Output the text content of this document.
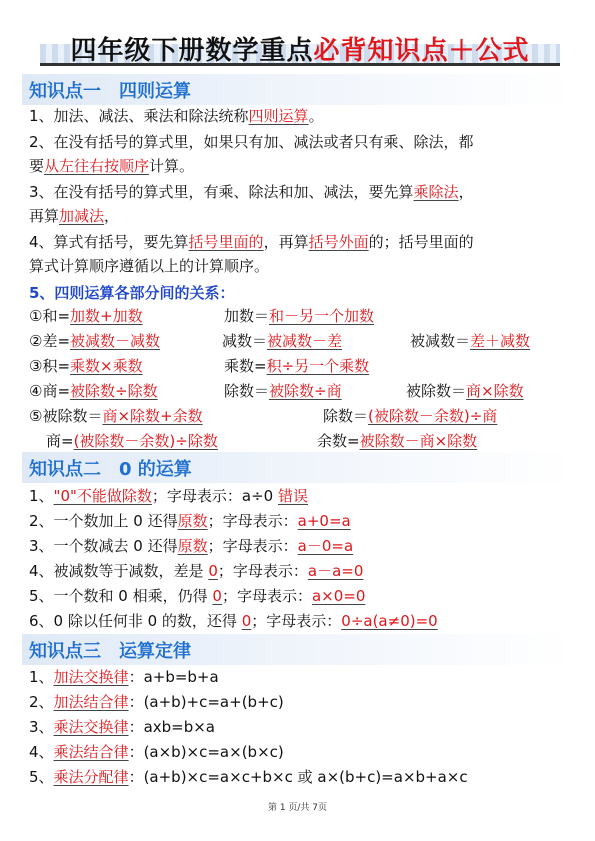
四年级下册数学重点必背知识点＋公式
知识点一　四则运算
1、加法、减法、乘法和除法统称四则运算。
2、在没有括号的算式里，如果只有加、减法或者只有乘、除法，都
要从左往右按顺序计算。
3、在没有括号的算式里，有乘、除法和加、减法，要先算乘除法，
再算加减法，
4、算式有括号，要先算括号里面的，再算括号外面的；括号里面的
算式计算顺序遵循以上的计算顺序。
5、四则运算各部分间的关系：
①和=加数+加数	加数＝和－另一个加数
②差=被减数－减数	减数＝被减数－差	被减数＝差＋减数
③积=乘数×乘数	乘数=积÷另一个乘数
④商=被除数÷除数	除数＝被除数÷商	被除数＝商×除数
⑤被除数＝商×除数+余数	除数＝(被除数－余数)÷商
商=(被除数－余数)÷除数	余数=被除数－商×除数
知识点二　0 的运算
1、"0"不能做除数；字母表示：a÷0 错误
2、一个数加上 0 还得原数；字母表示：a+0=a
3、一个数减去 0 还得原数；字母表示：a－0=a
4、被减数等于减数，差是 0；字母表示：a－a=0
5、一个数和 0 相乘，仍得 0；字母表示：a×0=0
6、0 除以任何非 0 的数，还得 0；字母表示：0÷a(a≠0)=0
知识点三　运算定律
1、加法交换律：a+b=b+a
2、加法结合律：(a+b)+c=a+(b+c)
3、乘法交换律：axb=b×a
4、乘法结合律：(a×b)×c=a×(b×c)
5、乘法分配律：(a+b)×c=a×c+b×c 或 a×(b+c)=a×b+a×c
第 1 页/共 7页
